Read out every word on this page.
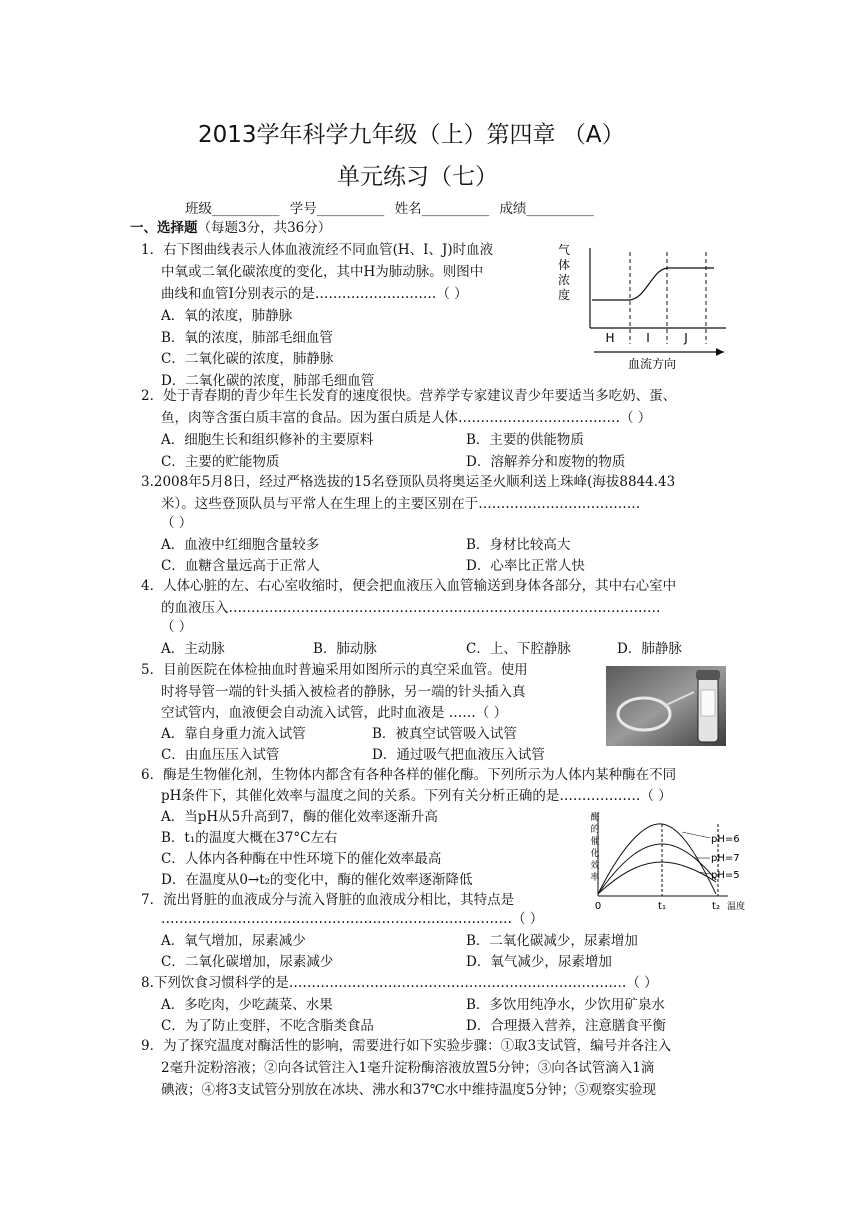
2013学年科学九年级（上）第四章 （A）
单元练习（七）
班级__________ 学号__________ 姓名__________ 成绩__________
一、选择题（每题3分，共36分）
1．右下图曲线表示人体血液流经不同血管(H、I、J)时血液
中氧或二氧化碳浓度的变化，其中H为肺动脉。则图中
曲线和血管I分别表示的是………………………（ ）
A．氧的浓度，肺静脉
B．氧的浓度，肺部毛细血管
C．二氧化碳的浓度，肺静脉
D．二氧化碳的浓度，肺部毛细血管
气
体
浓
度
H	I	J
血流方向
2．处于青春期的青少年生长发育的速度很快。营养学专家建议青少年要适当多吃奶、蛋、
鱼，肉等含蛋白质丰富的食品。因为蛋白质是人体………………………………（ ）
A．细胞生长和组织修补的主要原料	B．主要的供能物质
C．主要的贮能物质	D．溶解养分和废物的物质
3.2008年5月8日，经过严格选拔的15名登顶队员将奥运圣火顺利送上珠峰(海拔8844.43
米）。这些登顶队员与平常人在生理上的主要区别在于………………………………
（ ）
A．血液中红细胞含量较多	B．身材比较高大
C．血糖含量远高于正常人	D．心率比正常人快
4．人体心脏的左、右心室收缩时，便会把血液压入血管输送到身体各部分，其中右心室中
的血液压入……………………………………………………………………………………
（ ）
A．主动脉	B．肺动脉	C．上、下腔静脉	D．肺静脉
5．目前医院在体检抽血时普遍采用如图所示的真空采血管。使用
时将导管一端的针头插入被检者的静脉，另一端的针头插入真
空试管内，血液便会自动流入试管，此时血液是 ……（ ）
A．靠自身重力流入试管	B．被真空试管吸入试管
C．由血压压入试管	D．通过吸气把血液压入试管
6．酶是生物催化剂，生物体内都含有各种各样的催化酶。下列所示为人体内某种酶在不同
pH条件下，其催化效率与温度之间的关系。下列有关分析正确的是………………（ ）
A．当pH从5升高到7，酶的催化效率逐渐升高
B．t₁的温度大概在37°C左右
C．人体内各种酶在中性环境下的催化效率最高
D．在温度从0→t₂的变化中，酶的催化效率逐渐降低
酶
的
催
化
效
率
pH=6
pH=7
pH=5
0	t₁	t₂ 温度
7．流出肾脏的血液成分与流入肾脏的血液成分相比，其特点是
……………………………………………………………………（ ）
A．氧气增加，尿素减少	B．二氧化碳减少，尿素增加
C．二氧化碳增加，尿素减少	D．氧气减少，尿素增加
8.下列饮食习惯科学的是…………………………………………………………………（ ）
A．多吃肉，少吃蔬菜、水果	B．多饮用纯净水，少饮用矿泉水
C．为了防止变胖，不吃含脂类食品	D．合理摄入营养，注意膳食平衡
9．为了探究温度对酶活性的影响，需要进行如下实验步骤：①取3支试管，编号并各注入
2毫升淀粉溶液；②向各试管注入1毫升淀粉酶溶液放置5分钟；③向各试管滴入1滴
碘液；④将3支试管分别放在冰块、沸水和37℃水中维持温度5分钟；⑤观察实验现
